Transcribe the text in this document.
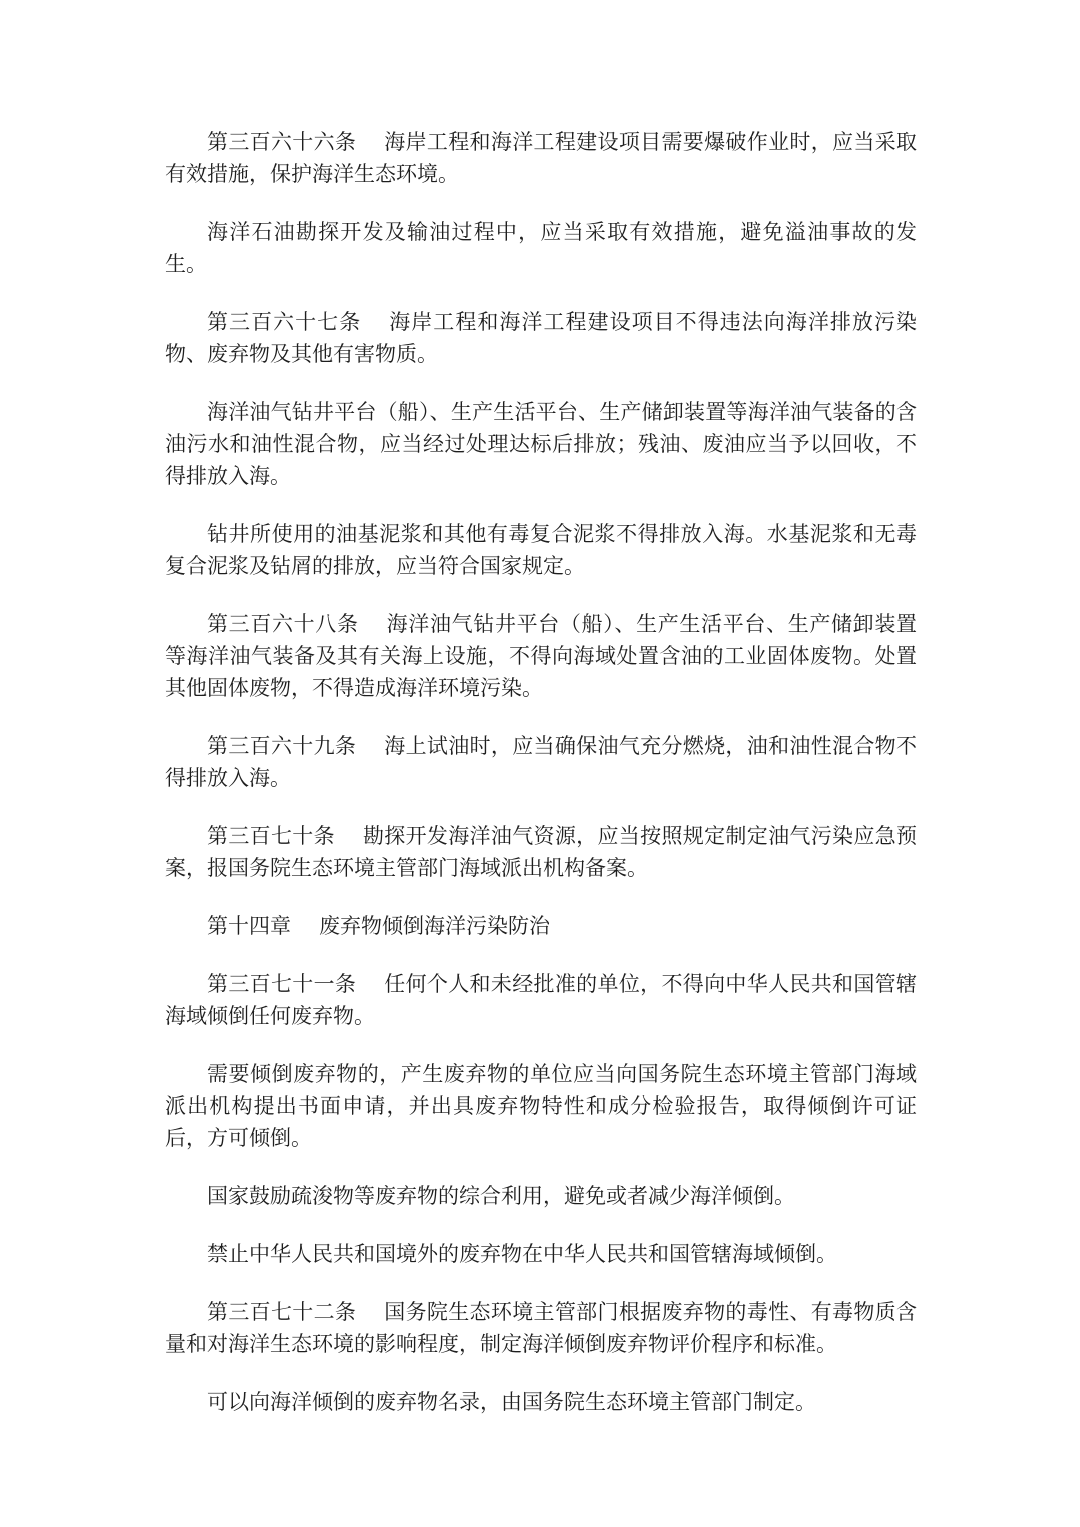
第三百六十六条 海岸工程和海洋工程建设项目需要爆破作业时，应当采取有效措施，保护海洋生态环境。

海洋石油勘探开发及输油过程中，应当采取有效措施，避免溢油事故的发生。

第三百六十七条 海岸工程和海洋工程建设项目不得违法向海洋排放污染物、废弃物及其他有害物质。

海洋油气钻井平台（船）、生产生活平台、生产储卸装置等海洋油气装备的含油污水和油性混合物，应当经过处理达标后排放；残油、废油应当予以回收，不得排放入海。

钻井所使用的油基泥浆和其他有毒复合泥浆不得排放入海。水基泥浆和无毒复合泥浆及钻屑的排放，应当符合国家规定。

第三百六十八条 海洋油气钻井平台（船）、生产生活平台、生产储卸装置等海洋油气装备及其有关海上设施，不得向海域处置含油的工业固体废物。处置其他固体废物，不得造成海洋环境污染。

第三百六十九条 海上试油时，应当确保油气充分燃烧，油和油性混合物不得排放入海。

第三百七十条 勘探开发海洋油气资源，应当按照规定制定油气污染应急预案，报国务院生态环境主管部门海域派出机构备案。

第十四章 废弃物倾倒海洋污染防治

第三百七十一条 任何个人和未经批准的单位，不得向中华人民共和国管辖海域倾倒任何废弃物。

需要倾倒废弃物的，产生废弃物的单位应当向国务院生态环境主管部门海域派出机构提出书面申请，并出具废弃物特性和成分检验报告，取得倾倒许可证后，方可倾倒。

国家鼓励疏浚物等废弃物的综合利用，避免或者减少海洋倾倒。

禁止中华人民共和国境外的废弃物在中华人民共和国管辖海域倾倒。

第三百七十二条 国务院生态环境主管部门根据废弃物的毒性、有毒物质含量和对海洋生态环境的影响程度，制定海洋倾倒废弃物评价程序和标准。

可以向海洋倾倒的废弃物名录，由国务院生态环境主管部门制定。
